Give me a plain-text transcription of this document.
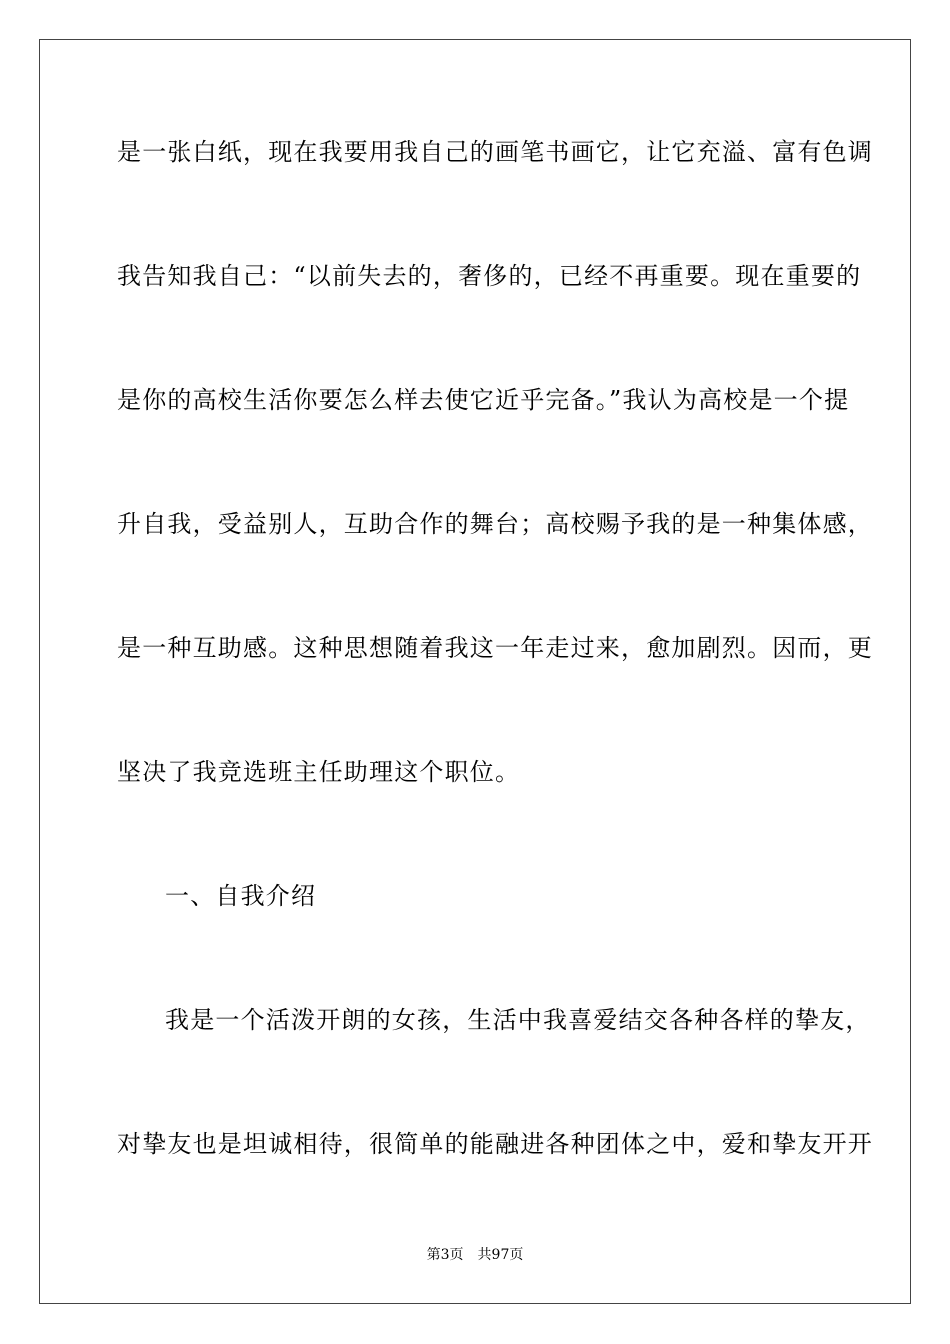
是一张白纸，现在我要用我自己的画笔书画它，让它充溢、富有色调
我告知我自己：“以前失去的，奢侈的，已经不再重要。现在重要的
是你的高校生活你要怎么样去使它近乎完备。”我认为高校是一个提
升自我，受益别人，互助合作的舞台；高校赐予我的是一种集体感，
是一种互助感。这种思想随着我这一年走过来，愈加剧烈。因而，更
坚决了我竞选班主任助理这个职位。
一、自我介绍
我是一个活泼开朗的女孩，生活中我喜爱结交各种各样的挚友，
对挚友也是坦诚相待，很简单的能融进各种团体之中，爱和挚友开开
第3页 共97页
